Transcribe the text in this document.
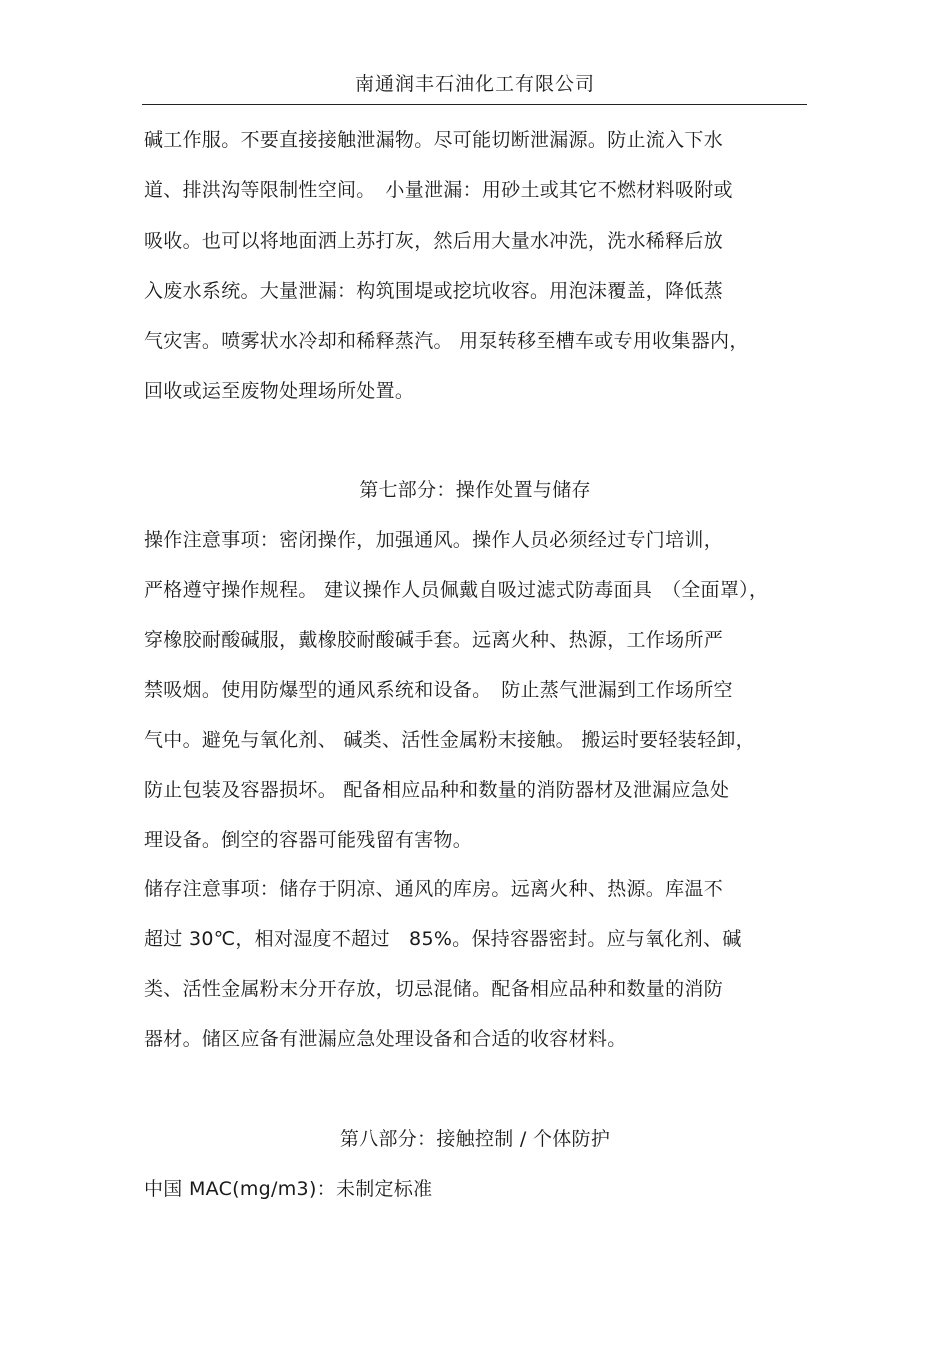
南通润丰石油化工有限公司
碱工作服。不要直接接触泄漏物。尽可能切断泄漏源。防止流入下水
道、排洪沟等限制性空间。　小量泄漏：用砂土或其它不燃材料吸附或
吸收。也可以将地面洒上苏打灰，然后用大量水冲洗，洗水稀释后放
入废水系统。大量泄漏：构筑围堤或挖坑收容。用泡沫覆盖，降低蒸
气灾害。喷雾状水冷却和稀释蒸汽。 用泵转移至槽车或专用收集器内，
回收或运至废物处理场所处置。
第七部分：操作处置与储存
操作注意事项：密闭操作，加强通风。操作人员必须经过专门培训，
严格遵守操作规程。 建议操作人员佩戴自吸过滤式防毒面具　（全面罩），
穿橡胶耐酸碱服，戴橡胶耐酸碱手套。远离火种、热源，工作场所严
禁吸烟。使用防爆型的通风系统和设备。　防止蒸气泄漏到工作场所空
气中。避免与氧化剂、 碱类、活性金属粉末接触。 搬运时要轻装轻卸，
防止包装及容器损坏。 配备相应品种和数量的消防器材及泄漏应急处
理设备。倒空的容器可能残留有害物。
储存注意事项：储存于阴凉、通风的库房。远离火种、热源。库温不
超过 30℃，相对湿度不超过　85%。保持容器密封。应与氧化剂、碱
类、活性金属粉末分开存放，切忌混储。配备相应品种和数量的消防
器材。储区应备有泄漏应急处理设备和合适的收容材料。
第八部分：接触控制 / 个体防护
中国 MAC(mg/m3)：未制定标准
